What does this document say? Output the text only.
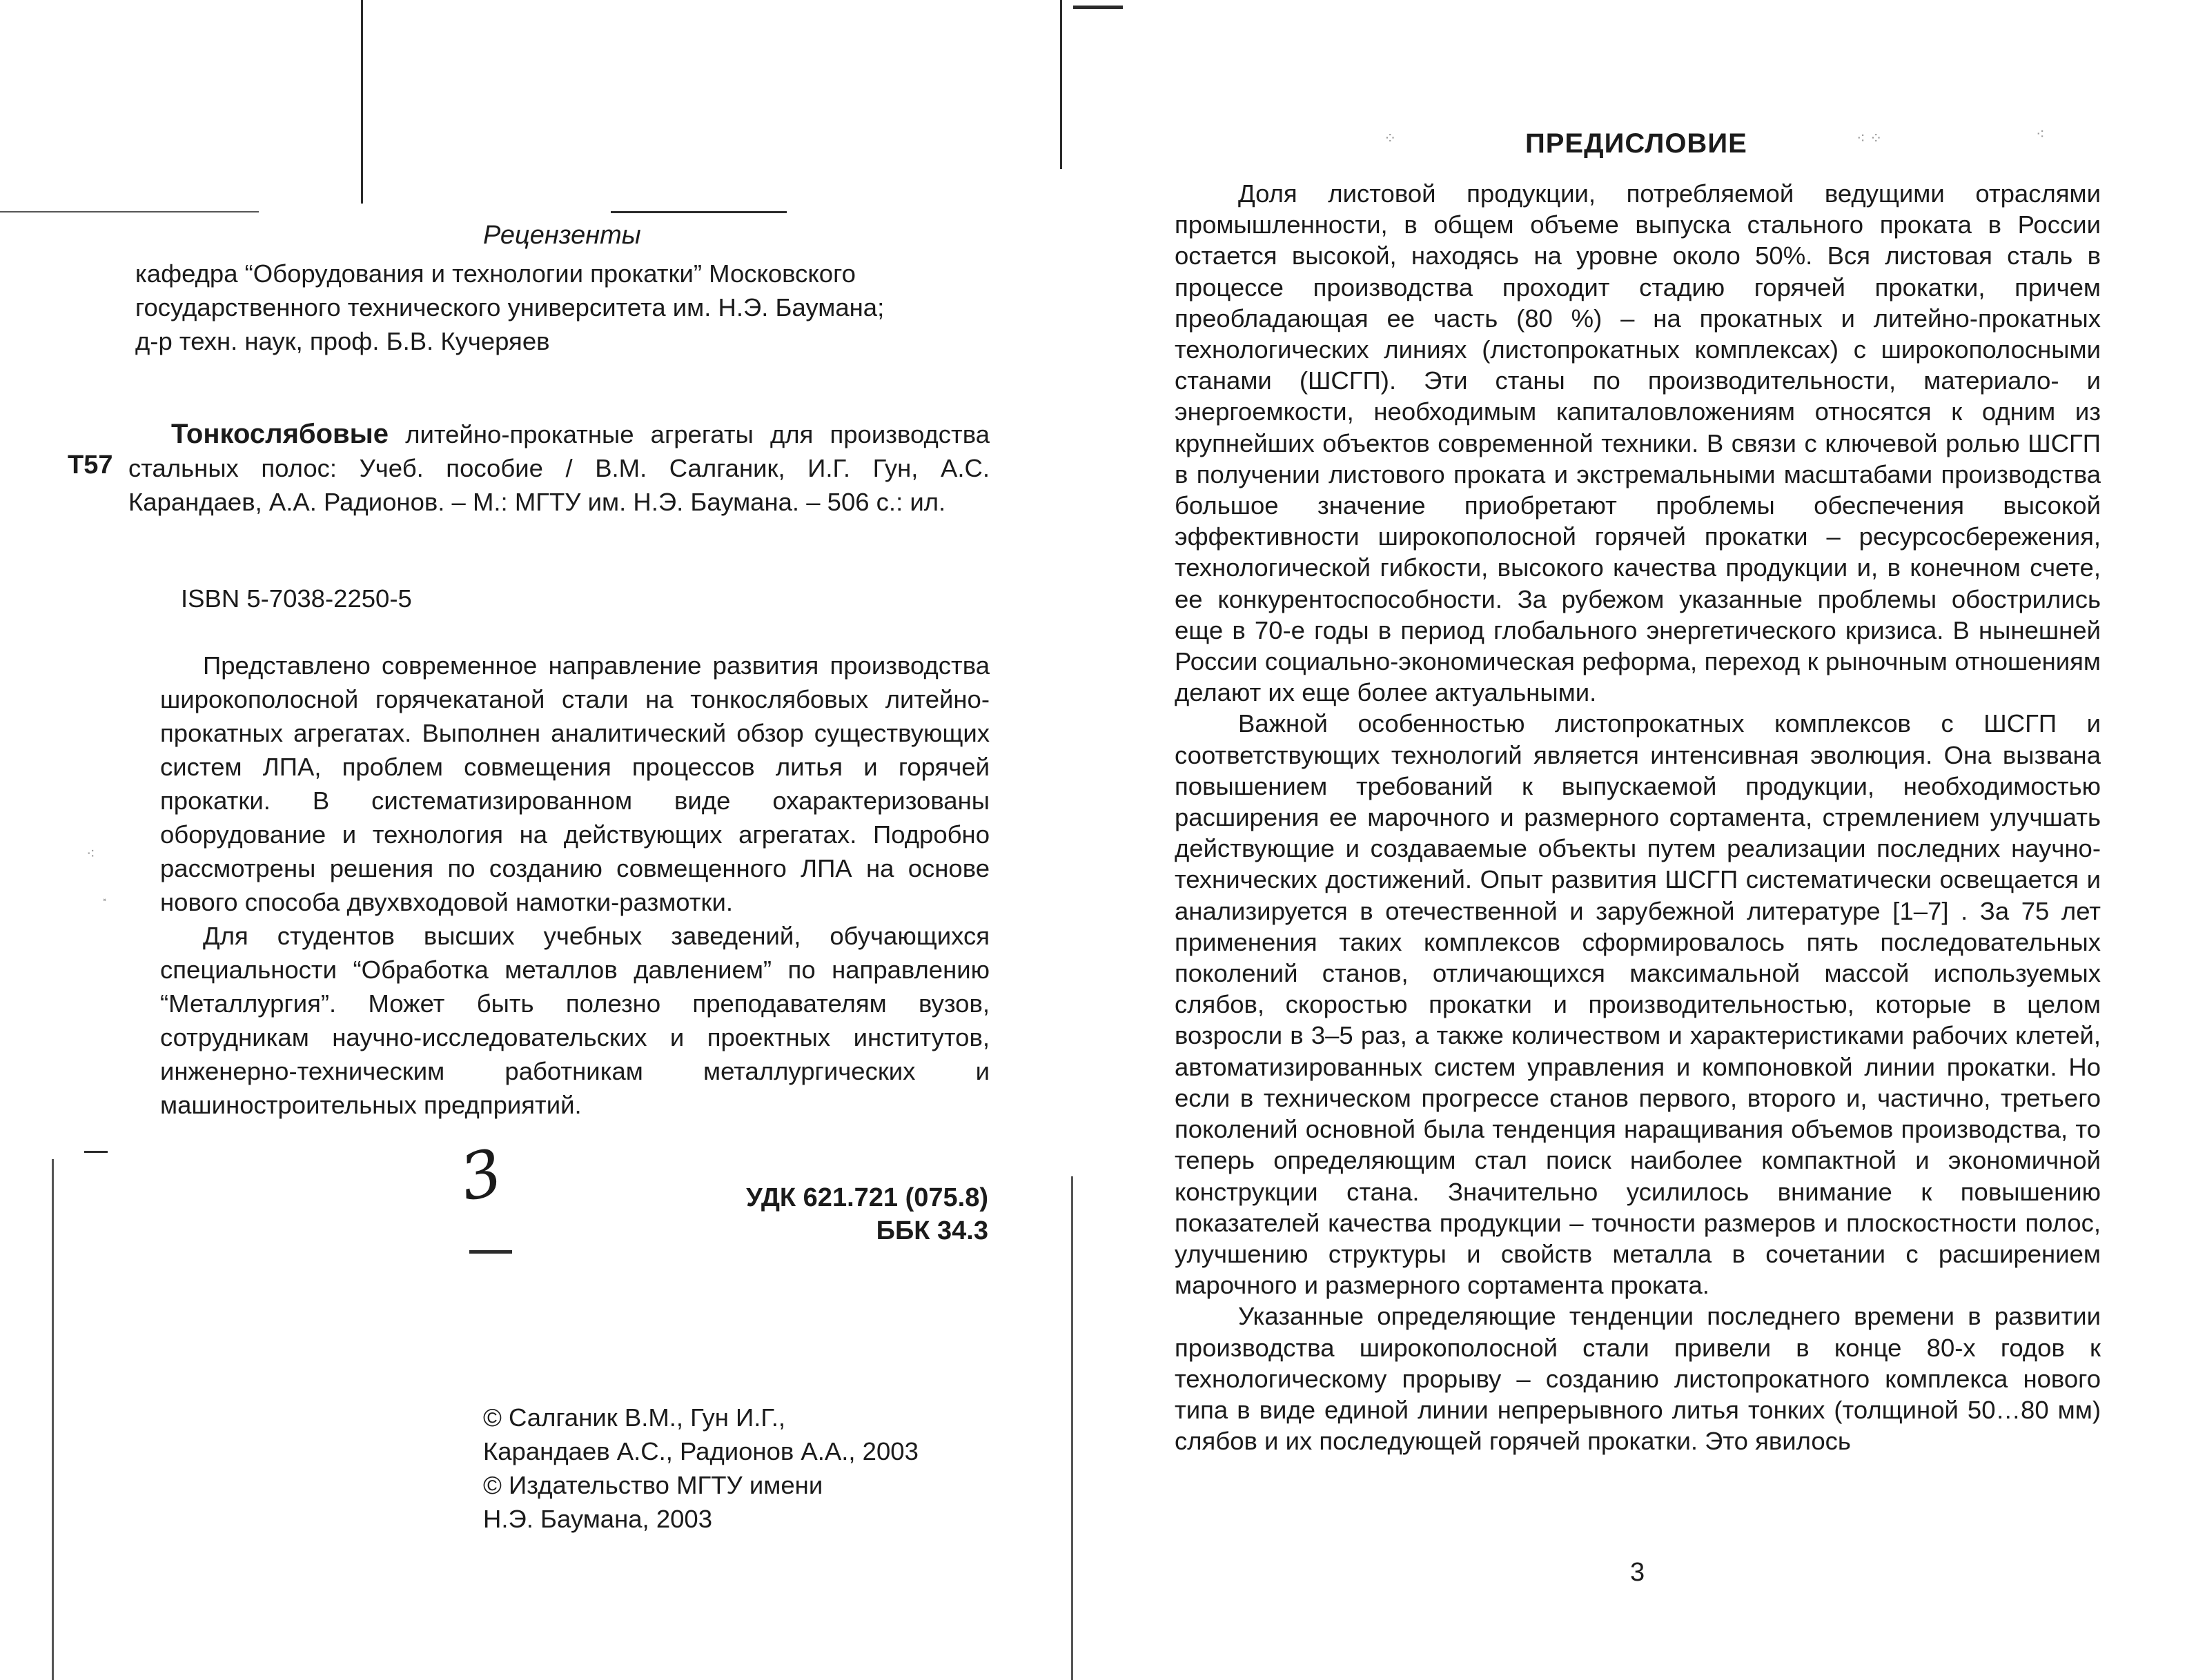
⁖
⸼
⁘	⁖ ⁘	⁖
Рецензенты
кафедра “Оборудования и технологии прокатки” Московского
государственного технического университета им. Н.Э. Баумана;
д-р техн. наук, проф. Б.В. Кучеряев
Т57
Тонкослябовые литейно-прокатные агрегаты для производства стальных полос: Учеб. пособие / В.М. Салганик, И.Г. Гун, А.С. Карандаев, А.А. Радионов. – М.: МГТУ им. Н.Э. Баумана. – 506 с.: ил.
ISBN 5-7038-2250-5

Представлено современное направление развития производства широкополосной горячекатаной стали на тонкослябовых литейно-прокатных агрегатах. Выполнен аналитический обзор существующих систем ЛПА, проблем совмещения процессов литья и горячей прокатки. В систематизированном виде охарактеризованы оборудование и технология на действующих агрегатах. Подробно рассмотрены решения по созданию совмещенного ЛПА на основе нового способа двухвходовой намотки-размотки.

Для студентов высших учебных заведений, обучающихся специальности “Обработка металлов давлением” по направлению “Металлургия”. Может быть полезно преподавателям вузов, сотрудникам научно-исследовательских и проектных институтов, инженерно-техническим работникам металлургических и машиностроительных предприятий.

3	УДК 621.721 (075.8)
ББК 34.3
© Салганик В.М., Гун И.Г.,
Карандаев А.С., Радионов А.А., 2003
© Издательство МГТУ имени
Н.Э. Баумана, 2003
ПРЕДИСЛОВИЕ

Доля листовой продукции, потребляемой ведущими отраслями промышленности, в общем объеме выпуска стального проката в России остается высокой, находясь на уровне около 50%. Вся листовая сталь в процессе производства проходит стадию горячей прокатки, причем преобладающая ее часть (80 %) – на прокатных и литейно-прокатных технологических линиях (листопрокатных комплексах) с широкополосными станами (ШСГП). Эти станы по производительности, материало- и энергоемкости, необходимым капиталовложениям относятся к одним из крупнейших объектов современной техники. В связи с ключевой ролью ШСГП в получении листового проката и экстремальными масштабами производства большое значение приобретают проблемы обеспечения высокой эффективности широкополосной горячей прокатки – ресурсосбережения, технологической гибкости, высокого качества продукции и, в конечном счете, ее конкурентоспособности. За рубежом указанные проблемы обострились еще в 70-е годы в период глобального энергетического кризиса. В нынешней России социально-экономическая реформа, переход к рыночным отношениям делают их еще более актуальными.

Важной особенностью листопрокатных комплексов с ШСГП и соответствующих технологий является интенсивная эволюция. Она вызвана повышением требований к выпускаемой продукции, необходимостью расширения ее марочного и размерного сортамента, стремлением улучшать действующие и создаваемые объекты путем реализации последних научно-технических достижений. Опыт развития ШСГП систематически освещается и анализируется в отечественной и зарубежной литературе [1–7] . За 75 лет применения таких комплексов сформировалось пять последовательных поколений станов, отличающихся максимальной массой используемых слябов, скоростью прокатки и производительностью, которые в целом возросли в 3–5 раз, а также количеством и характеристиками рабочих клетей, автоматизированных систем управления и компоновкой линии прокатки. Но если в техническом прогрессе станов первого, второго и, частично, третьего поколений основной была тенденция наращивания объемов производства, то теперь определяющим стал поиск наиболее компактной и экономичной конструкции стана. Значительно усилилось внимание к повышению показателей качества продукции – точности размеров и плоскостности полос, улучшению структуры и свойств металла в сочетании с расширением марочного и размерного сортамента проката.

Указанные определяющие тенденции последнего времени в развитии производства широкополосной стали привели в конце 80-х годов к технологическому прорыву – созданию листопрокатного комплекса нового типа в виде единой линии непрерывного литья тонких (толщиной 50…80 мм) слябов и их последующей горячей прокатки. Это явилось

3
